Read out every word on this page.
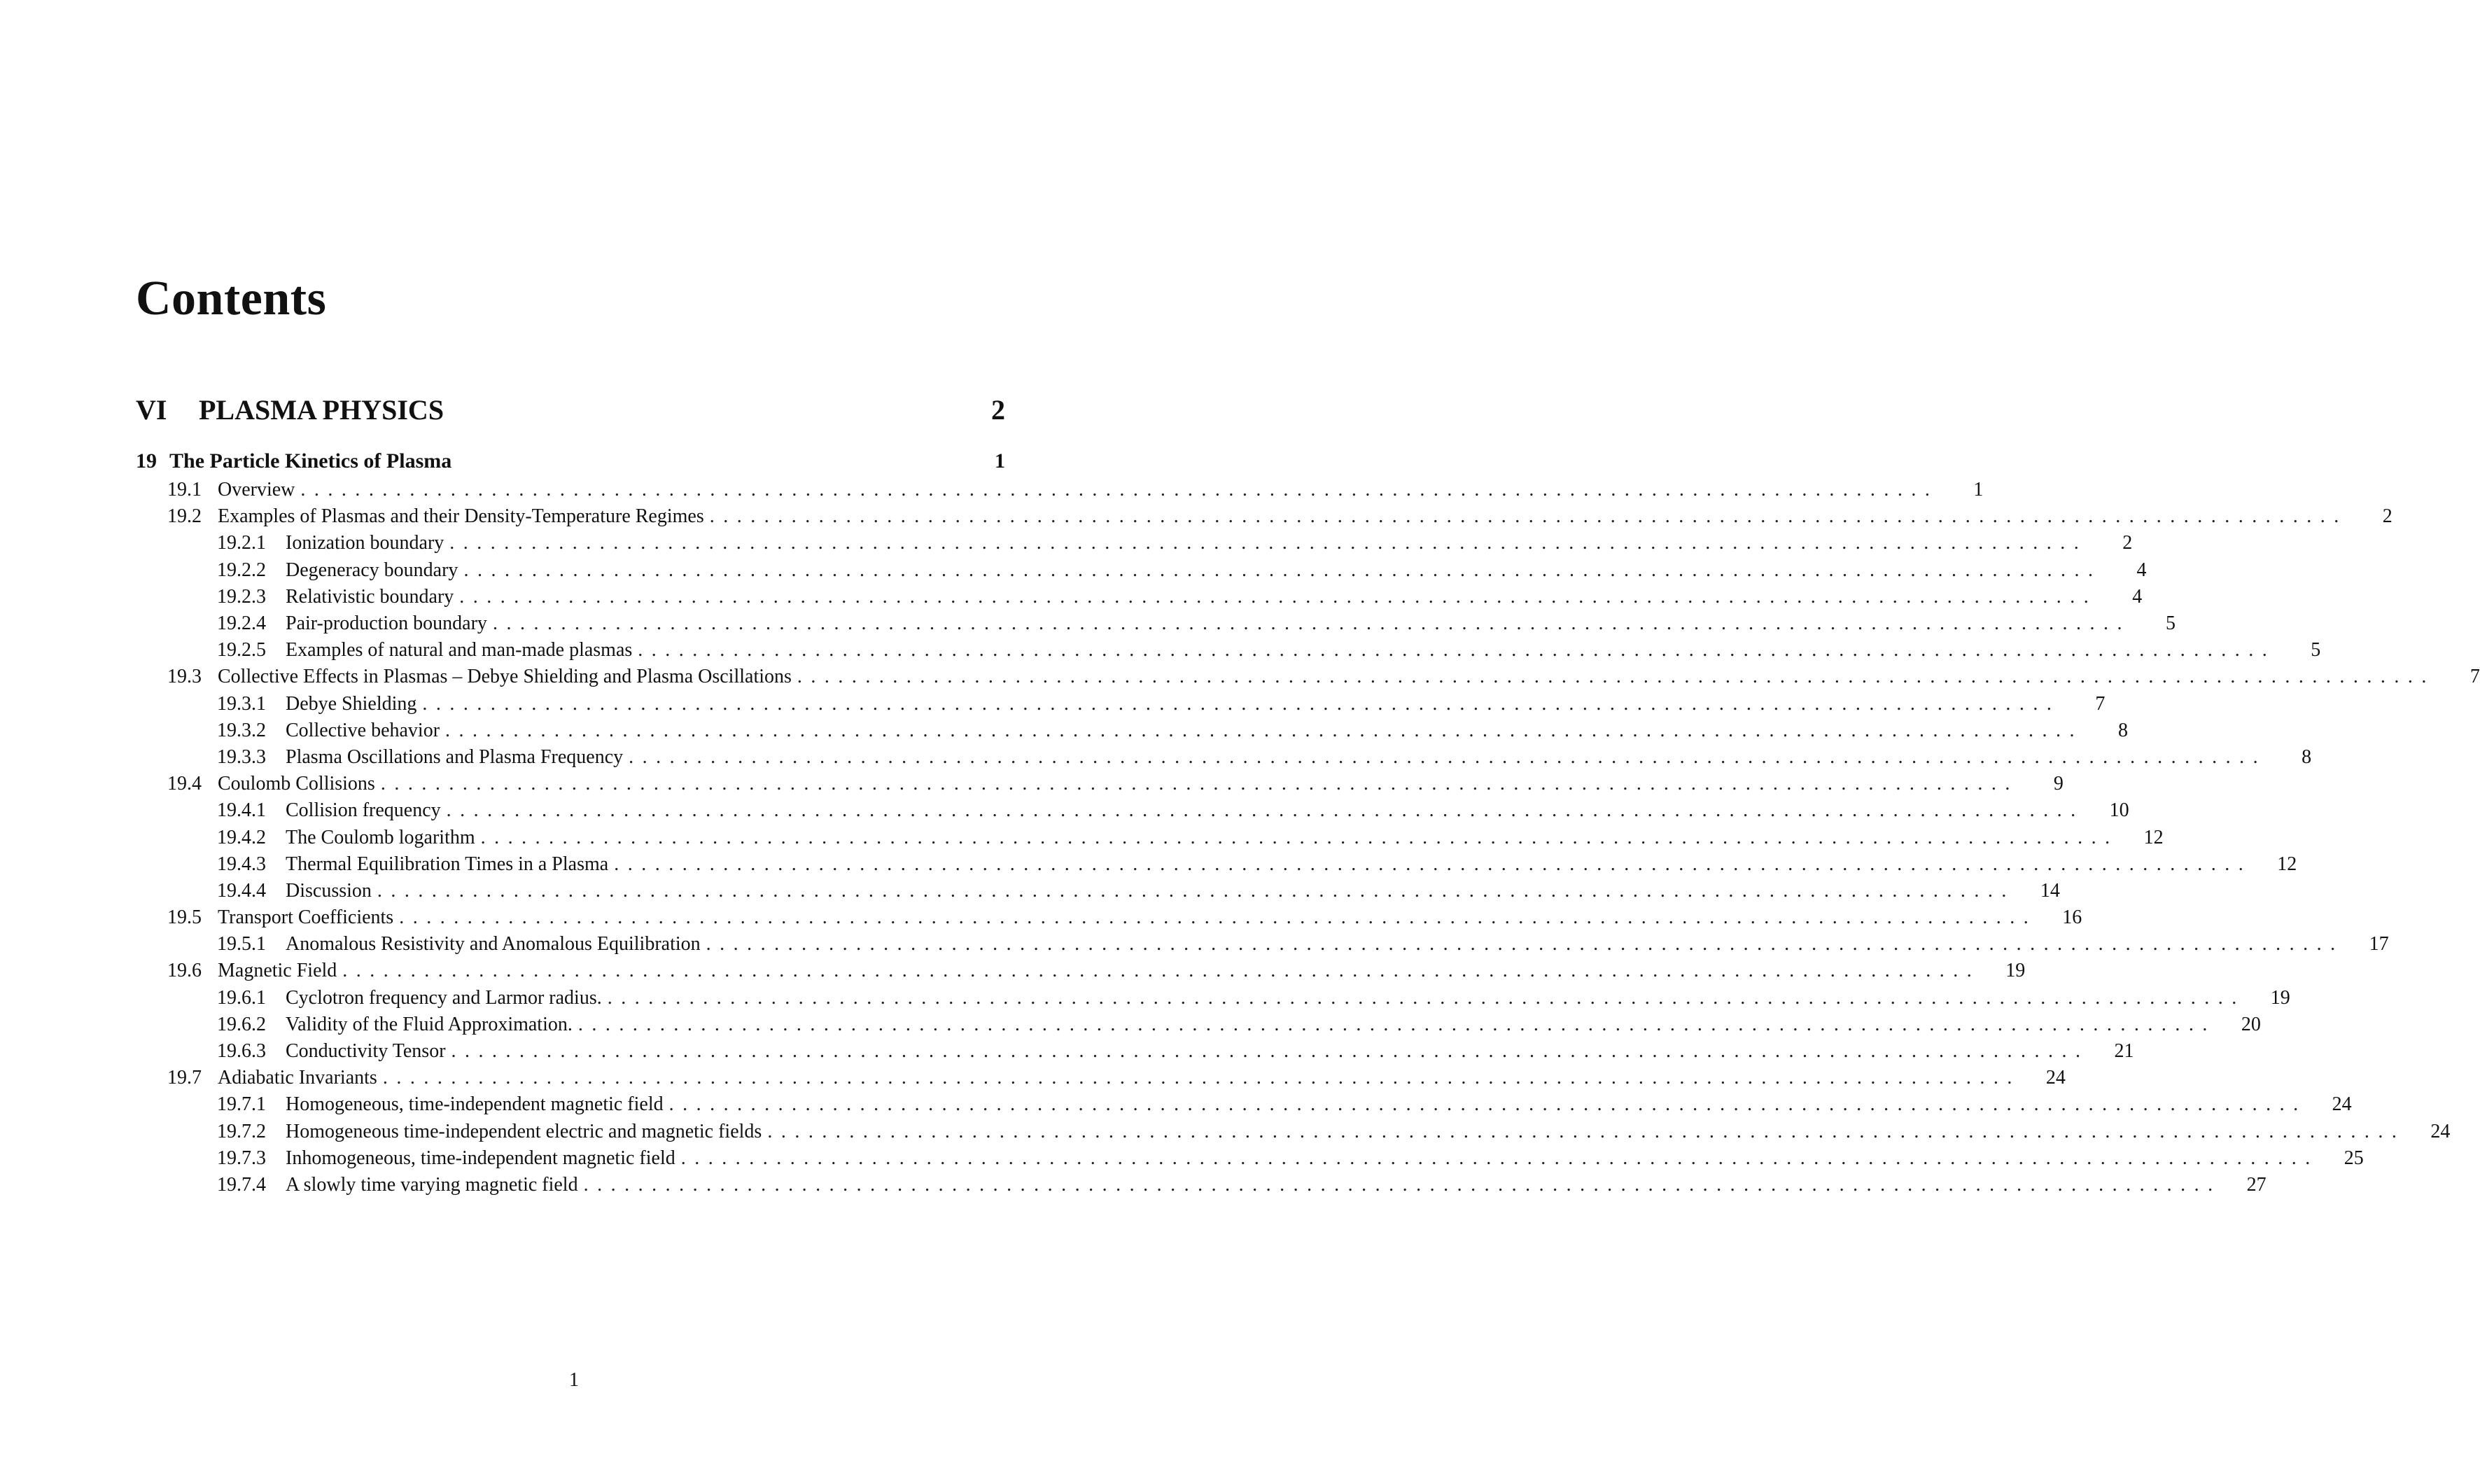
Contents
VI	PLASMA PHYSICS	2
19 The Particle Kinetics of Plasma	1
19.1 Overview ........................................................................................................................	1
19.2 Examples of Plasmas and their Density-Temperature Regimes ........................................................................................................................	2
19.2.1	Ionization boundary ........................................................................................................................	2
19.2.2	Degeneracy boundary ........................................................................................................................	4
19.2.3	Relativistic boundary ........................................................................................................................	4
19.2.4	Pair-production boundary ........................................................................................................................	5
19.2.5	Examples of natural and man-made plasmas ........................................................................................................................	5
19.3 Collective Effects in Plasmas – Debye Shielding and Plasma Oscillations ........................................................................................................................	7
19.3.1	Debye Shielding ........................................................................................................................	7
19.3.2	Collective behavior ........................................................................................................................	8
19.3.3	Plasma Oscillations and Plasma Frequency ........................................................................................................................	8
19.4 Coulomb Collisions ........................................................................................................................	9
19.4.1	Collision frequency ........................................................................................................................ 10
19.4.2	The Coulomb logarithm ........................................................................................................................ 12
19.4.3	Thermal Equilibration Times in a Plasma ........................................................................................................................ 12
19.4.4	Discussion ........................................................................................................................ 14
19.5 Transport Coefficients ........................................................................................................................ 16
19.5.1	Anomalous Resistivity and Anomalous Equilibration ........................................................................................................................ 17
19.6 Magnetic Field ........................................................................................................................ 19
19.6.1	Cyclotron frequency and Larmor radius. ........................................................................................................................ 19
19.6.2	Validity of the Fluid Approximation. ........................................................................................................................ 20
19.6.3	Conductivity Tensor ........................................................................................................................ 21
19.7 Adiabatic Invariants ........................................................................................................................ 24
19.7.1	Homogeneous, time-independent magnetic field ........................................................................................................................ 24
19.7.2	Homogeneous time-independent electric and magnetic fields ........................................................................................................................ 24
19.7.3	Inhomogeneous, time-independent magnetic field ........................................................................................................................ 25
19.7.4	A slowly time varying magnetic field ........................................................................................................................ 27
1
